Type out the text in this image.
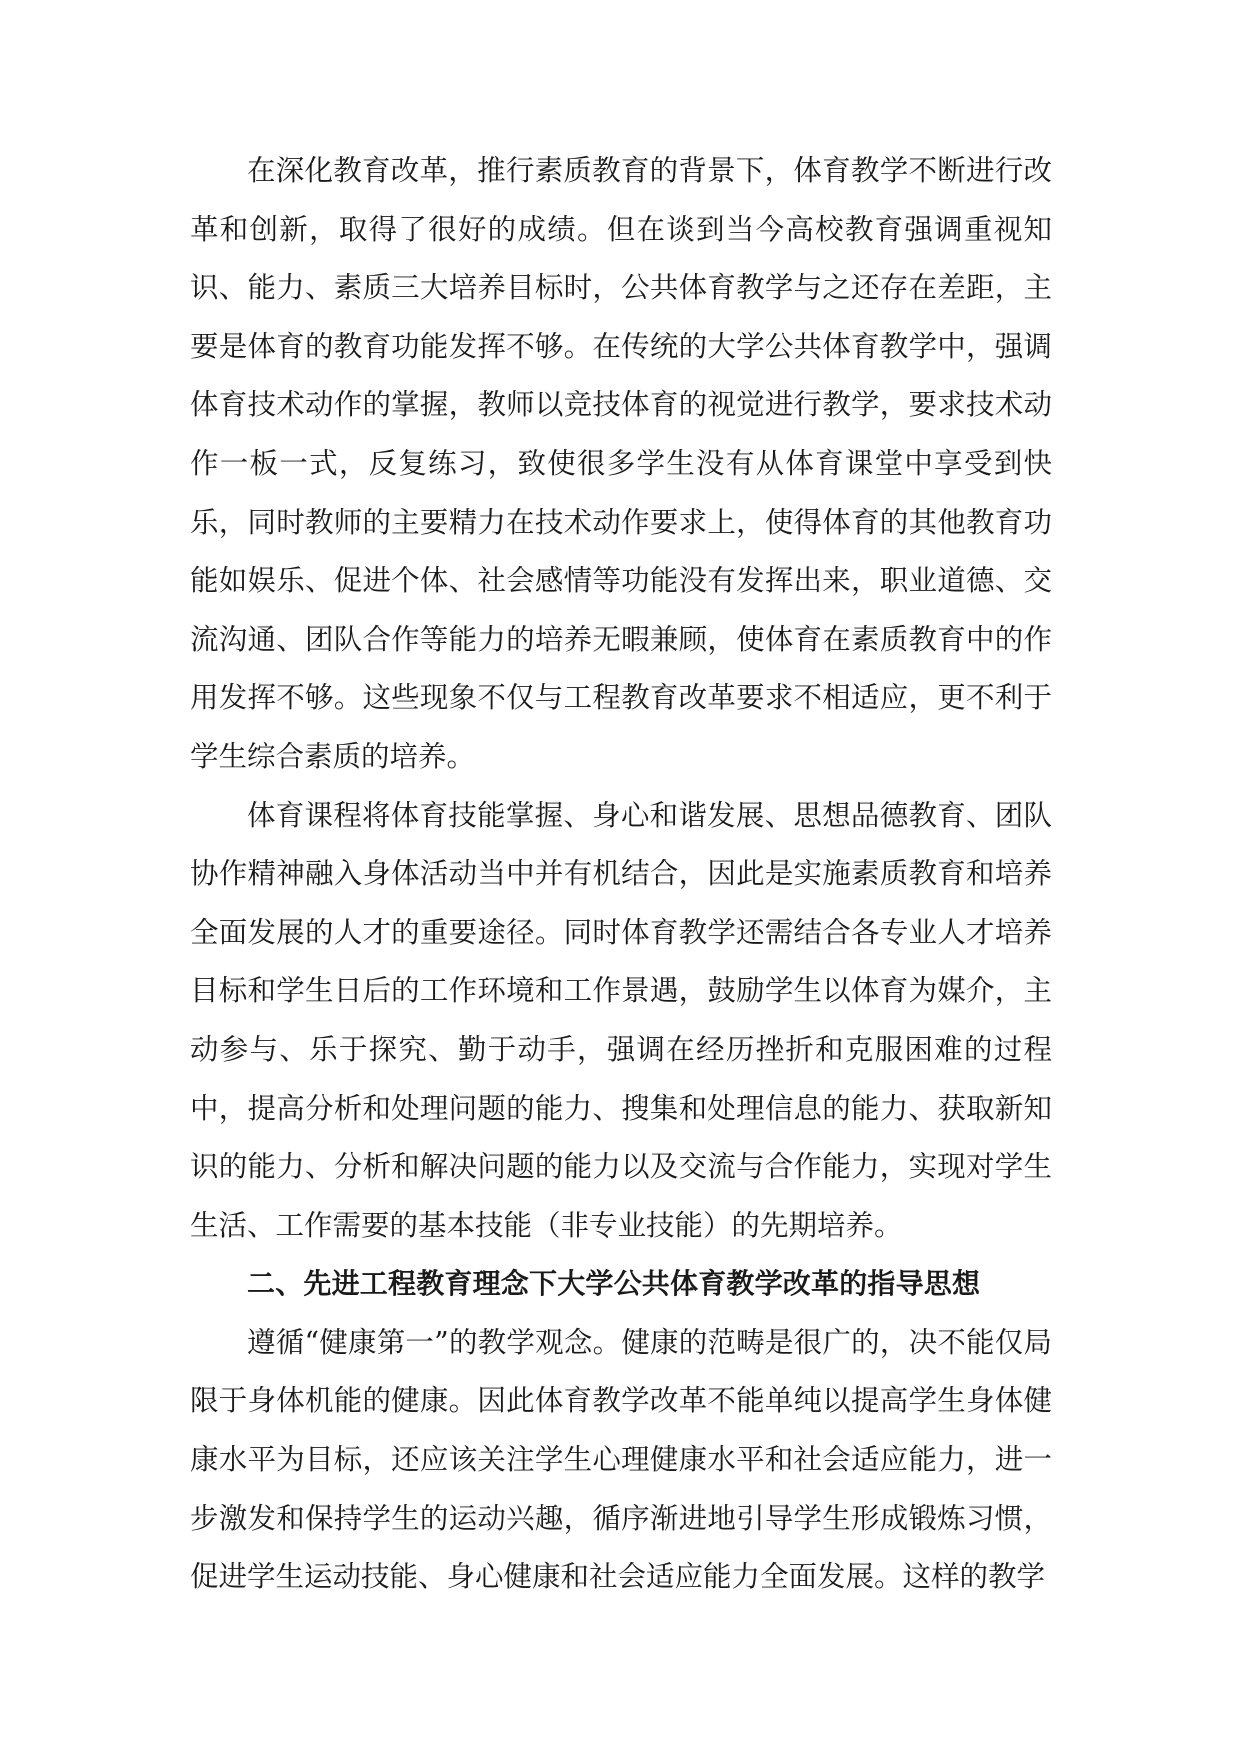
在深化教育改革，推行素质教育的背景下，体育教学不断进行改革和创新，取得了很好的成绩。但在谈到当今高校教育强调重视知识、能力、素质三大培养目标时，公共体育教学与之还存在差距，主要是体育的教育功能发挥不够。在传统的大学公共体育教学中，强调体育技术动作的掌握，教师以竞技体育的视觉进行教学，要求技术动作一板一式，反复练习，致使很多学生没有从体育课堂中享受到快乐，同时教师的主要精力在技术动作要求上，使得体育的其他教育功能如娱乐、促进个体、社会感情等功能没有发挥出来，职业道德、交流沟通、团队合作等能力的培养无暇兼顾，使体育在素质教育中的作用发挥不够。这些现象不仅与工程教育改革要求不相适应，更不利于学生综合素质的培养。

体育课程将体育技能掌握、身心和谐发展、思想品德教育、团队协作精神融入身体活动当中并有机结合，因此是实施素质教育和培养全面发展的人才的重要途径。同时体育教学还需结合各专业人才培养目标和学生日后的工作环境和工作景遇，鼓励学生以体育为媒介，主动参与、乐于探究、勤于动手，强调在经历挫折和克服困难的过程中，提高分析和处理问题的能力、搜集和处理信息的能力、获取新知识的能力、分析和解决问题的能力以及交流与合作能力，实现对学生生活、工作需要的基本技能（非专业技能）的先期培养。

二、先进工程教育理念下大学公共体育教学改革的指导思想

遵循“健康第一”的教学观念。健康的范畴是很广的，决不能仅局限于身体机能的健康。因此体育教学改革不能单纯以提高学生身体健康水平为目标，还应该关注学生心理健康水平和社会适应能力，进一步激发和保持学生的运动兴趣，循序渐进地引导学生形成锻炼习惯，促进学生运动技能、身心健康和社会适应能力全面发展。这样的教学
